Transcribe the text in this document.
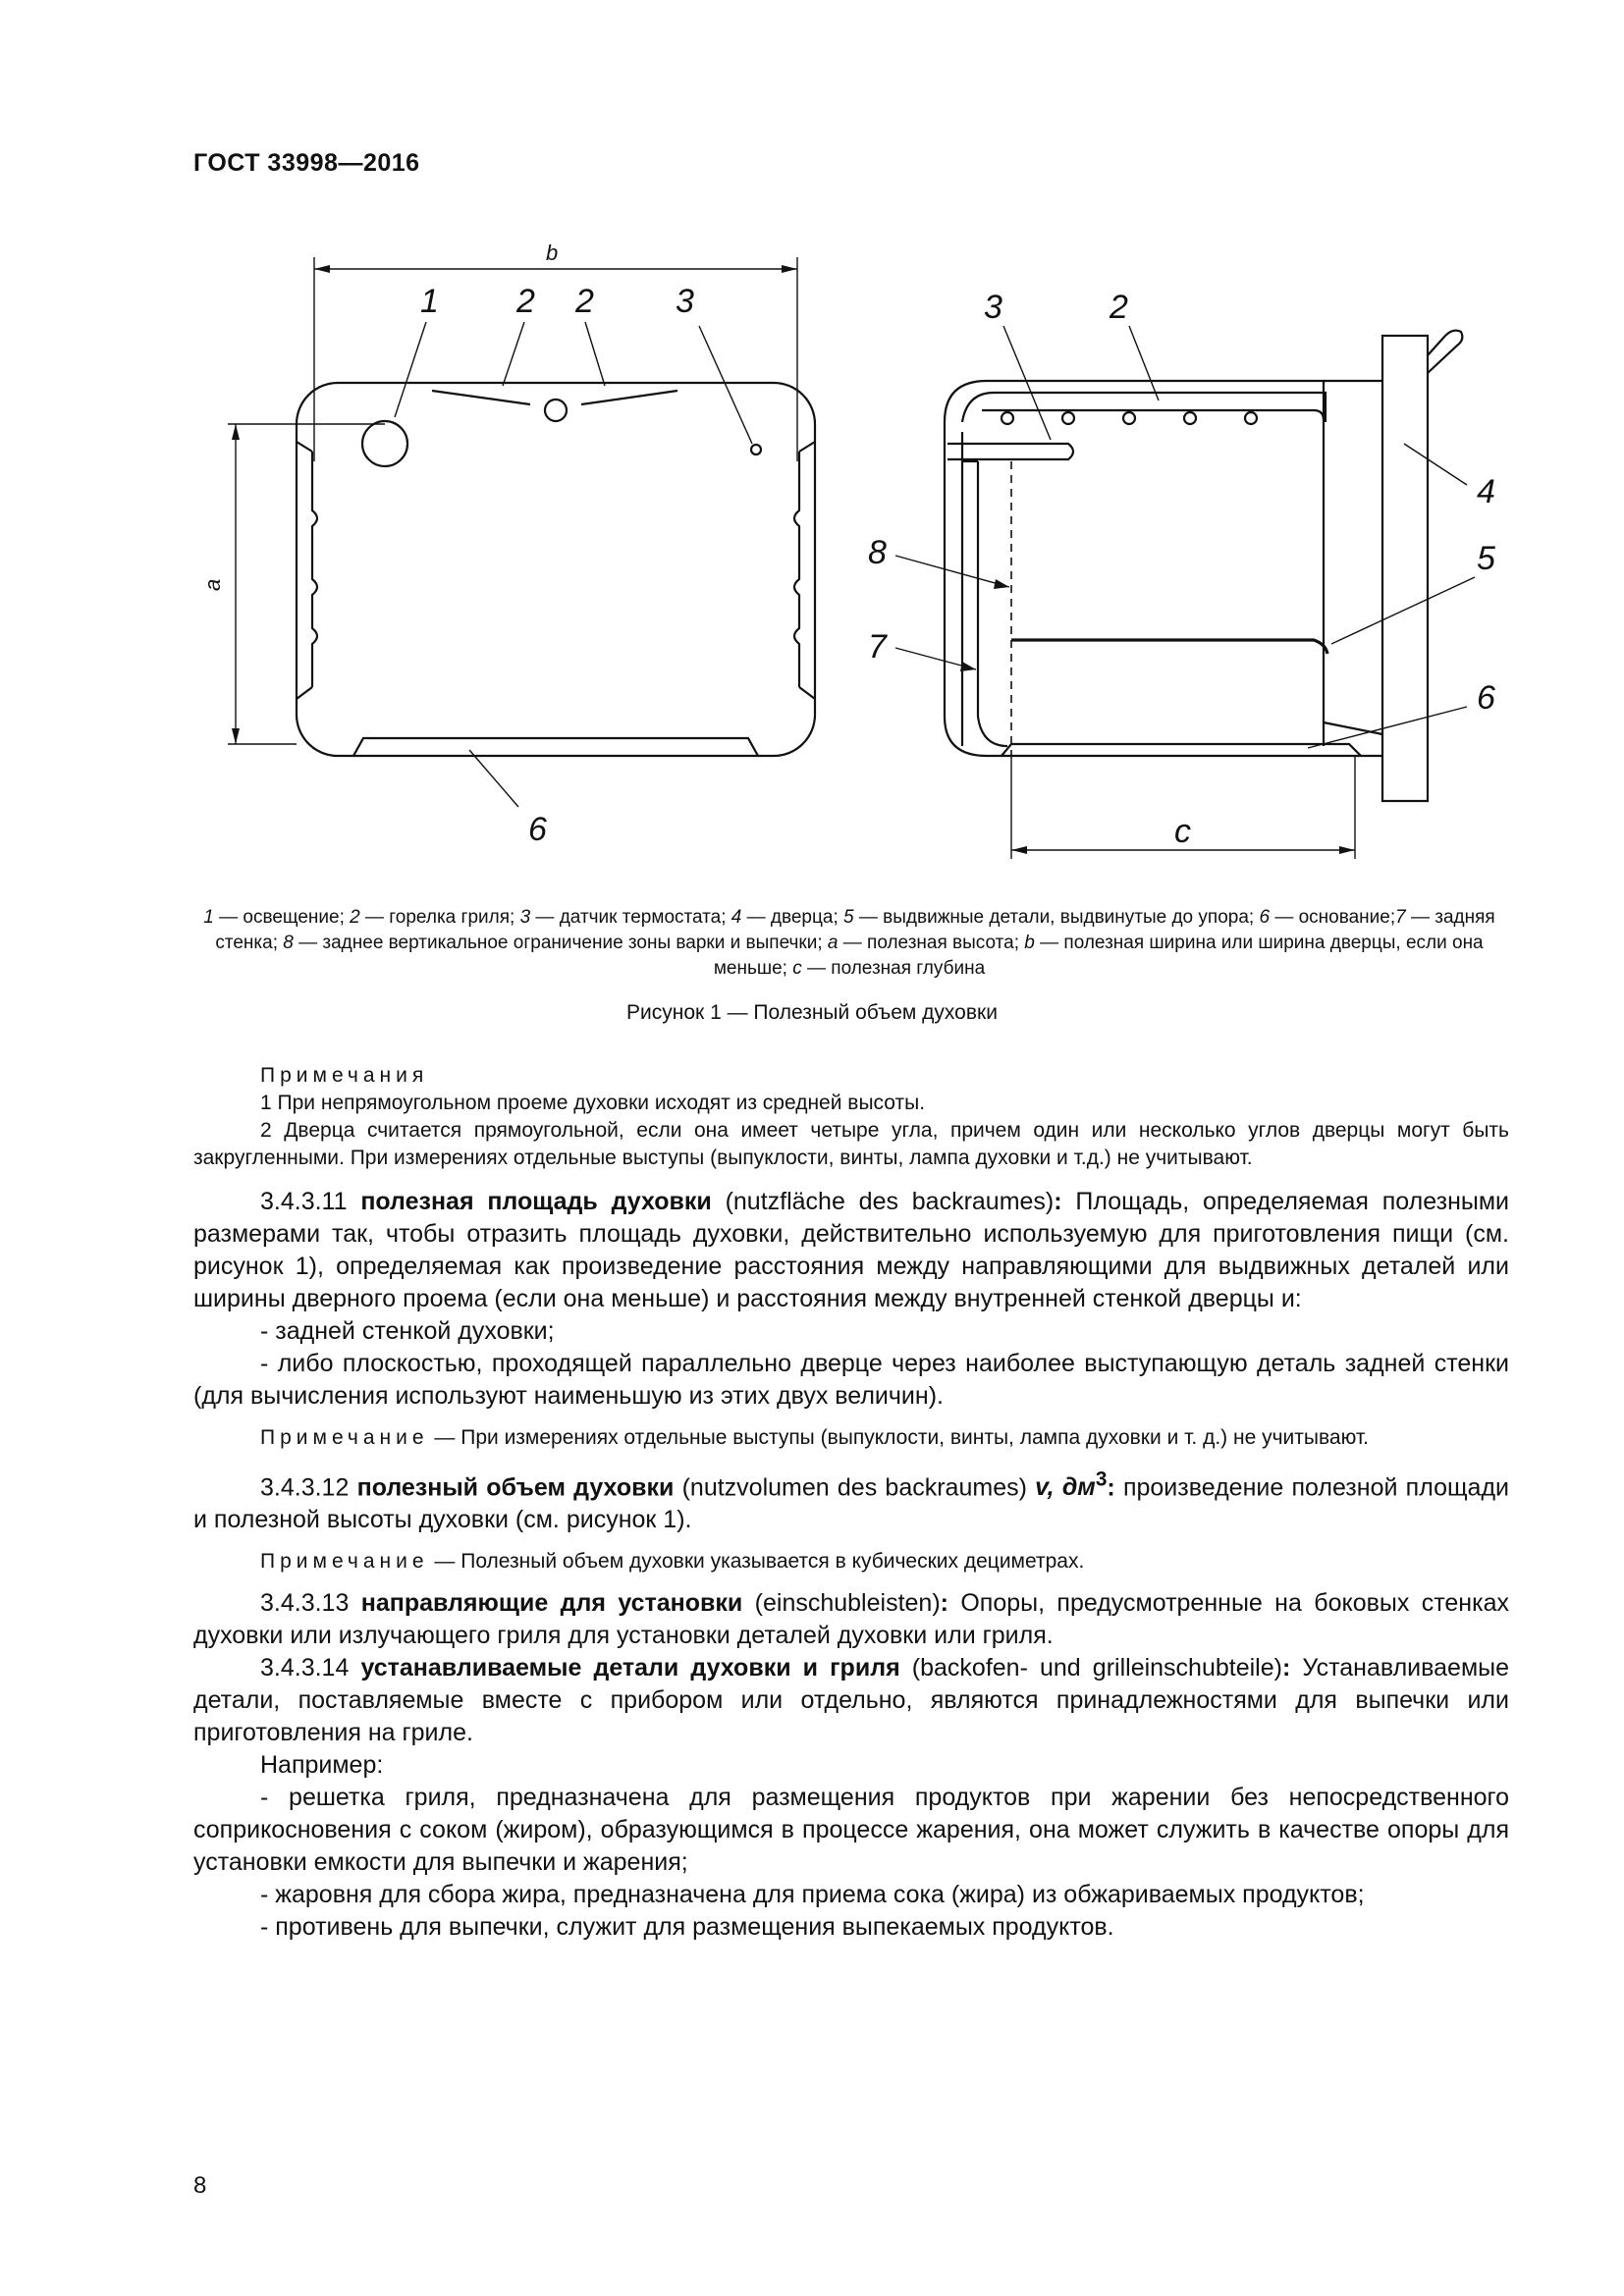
ГОСТ 33998—2016
b
a
1 2 2 3
6
3	2
4
5
6
8
7
c
1 — освещение; 2 — горелка гриля; 3 — датчик термостата; 4 — дверца; 5 — выдвижные детали, выдвинутые до упора; 6 — основание;7 — задняя стенка; 8 — заднее вертикальное ограничение зоны варки и выпечки; a — полезная высота; b — полезная ширина или ширина дверцы, если она меньше; c — полезная глубина
Рисунок 1 — Полезный объем духовки

Примечания

1 При непрямоугольном проеме духовки исходят из средней высоты.

2 Дверца считается прямоугольной, если она имеет четыре угла, причем один или несколько углов дверцы могут быть закругленными. При измерениях отдельные выступы (выпуклости, винты, лампа духовки и т.д.) не учитывают.

3.4.3.11 полезная площадь духовки (nutzfläche des backraumes): Площадь, определяемая полезными размерами так, чтобы отразить площадь духовки, действительно используемую для приготовления пищи (см. рисунок 1), определяемая как произведение расстояния между направляющими для выдвижных деталей или ширины дверного проема (если она меньше) и расстояния между внутренней стенкой дверцы и:

- задней стенкой духовки;

- либо плоскостью, проходящей параллельно дверце через наиболее выступающую деталь задней стенки (для вычисления используют наименьшую из этих двух величин).

Примечание — При измерениях отдельные выступы (выпуклости, винты, лампа духовки и т. д.) не учитывают.

3.4.3.12 полезный объем духовки (nutzvolumen des backraumes) v, $дм^3$: произведение полезной площади и полезной высоты духовки (см. рисунок 1).

Примечание — Полезный объем духовки указывается в кубических дециметрах.

3.4.3.13 направляющие для установки (einschubleisten): Опоры, предусмотренные на боковых стенках духовки или излучающего гриля для установки деталей духовки или гриля.

3.4.3.14 устанавливаемые детали духовки и гриля (backofen- und grilleinschubteile): Устанавливаемые детали, поставляемые вместе с прибором или отдельно, являются принадлежностями для выпечки или приготовления на гриле.

Например:

- решетка гриля, предназначена для размещения продуктов при жарении без непосредственного соприкосновения с соком (жиром), образующимся в процессе жарения, она может служить в качестве опоры для установки емкости для выпечки и жарения;

- жаровня для сбора жира, предназначена для приема сока (жира) из обжариваемых продуктов;

- противень для выпечки, служит для размещения выпекаемых продуктов.

8
